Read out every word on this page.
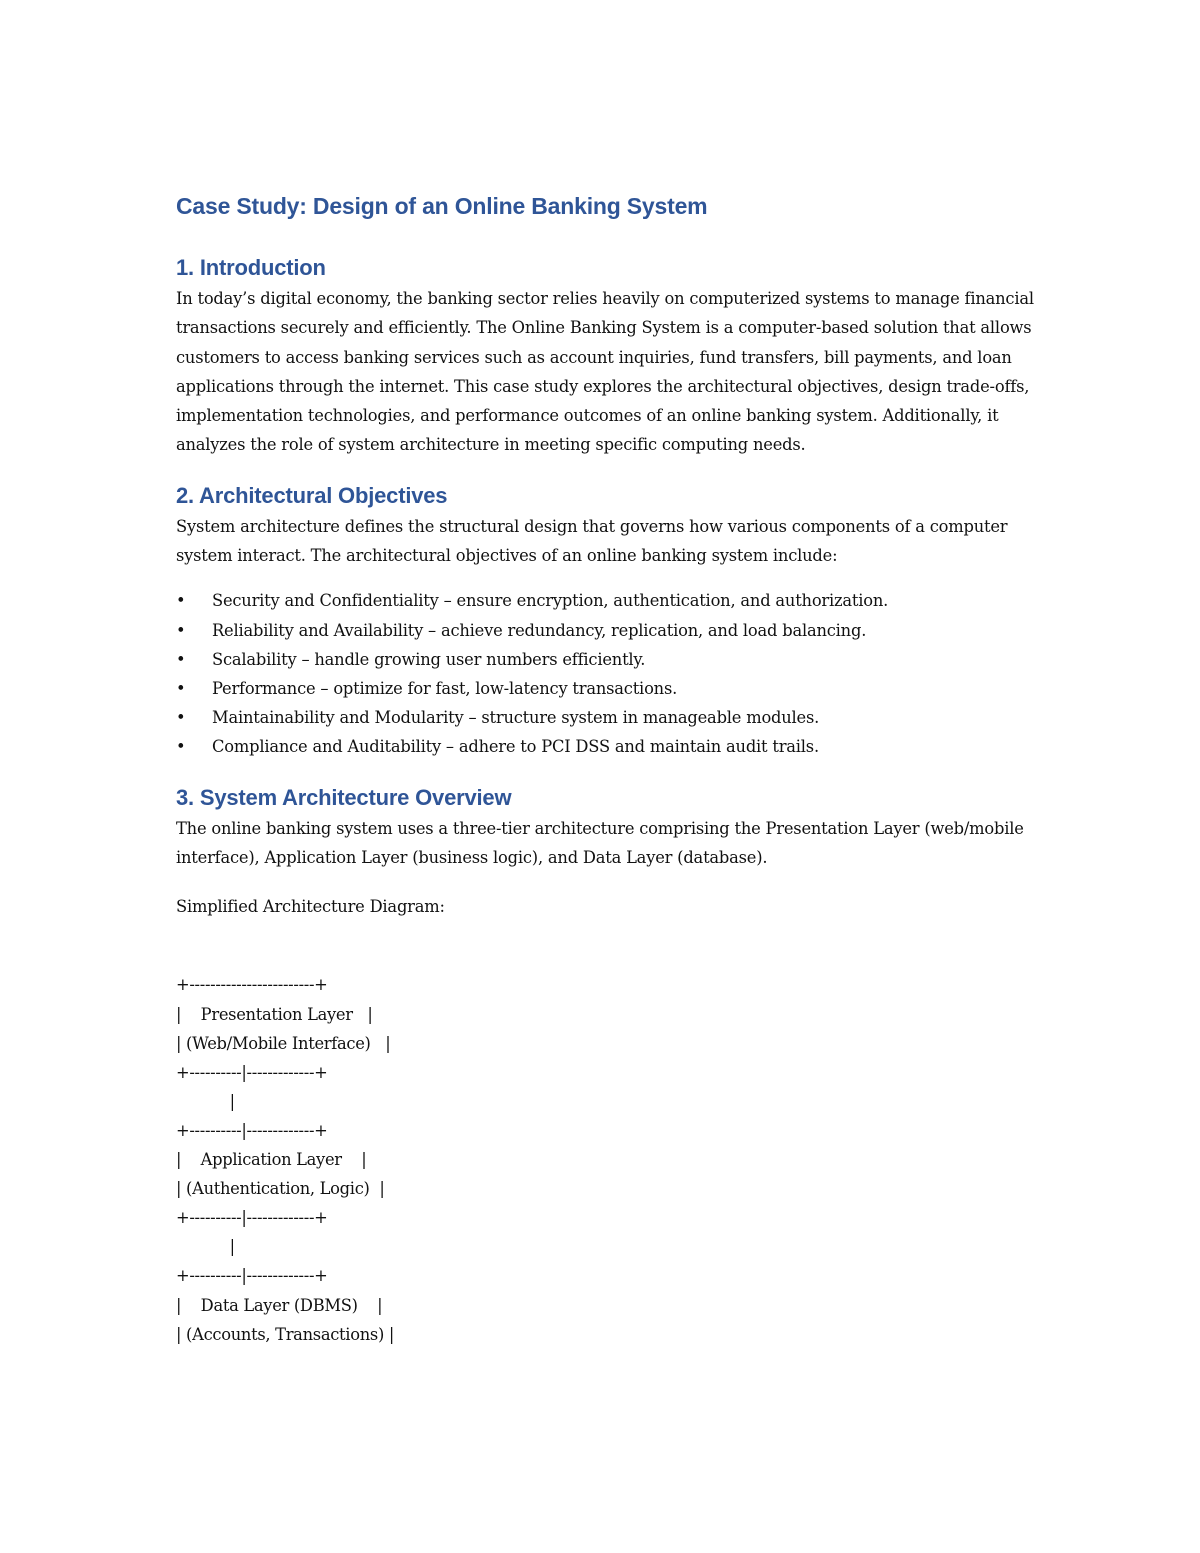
Case Study: Design of an Online Banking System
1. Introduction

In today’s digital economy, the banking sector relies heavily on computerized systems to manage financial transactions securely and efficiently. The Online Banking System is a computer-based solution that allows customers to access banking services such as account inquiries, fund transfers, bill payments, and loan applications through the internet. This case study explores the architectural objectives, design trade-offs, implementation technologies, and performance outcomes of an online banking system. Additionally, it analyzes the role of system architecture in meeting specific computing needs.

2. Architectural Objectives

System architecture defines the structural design that governs how various components of a computer system interact. The architectural objectives of an online banking system include:

• Security and Confidentiality – ensure encryption, authentication, and authorization.
• Reliability and Availability – achieve redundancy, replication, and load balancing.
• Scalability – handle growing user numbers efficiently.
• Performance – optimize for fast, low-latency transactions.
• Maintainability and Modularity – structure system in manageable modules.
• Compliance and Auditability – adhere to PCI DSS and maintain audit trails.
3. System Architecture Overview

The online banking system uses a three-tier architecture comprising the Presentation Layer (web/mobile interface), Application Layer (business logic), and Data Layer (database).

Simplified Architecture Diagram:

+------------------------+
|    Presentation Layer   |
| (Web/Mobile Interface)   |
+----------|-------------+
|
+----------|-------------+
|    Application Layer    |
| (Authentication, Logic)  |
+----------|-------------+
|
+----------|-------------+
|    Data Layer (DBMS)    |
| (Accounts, Transactions) |
